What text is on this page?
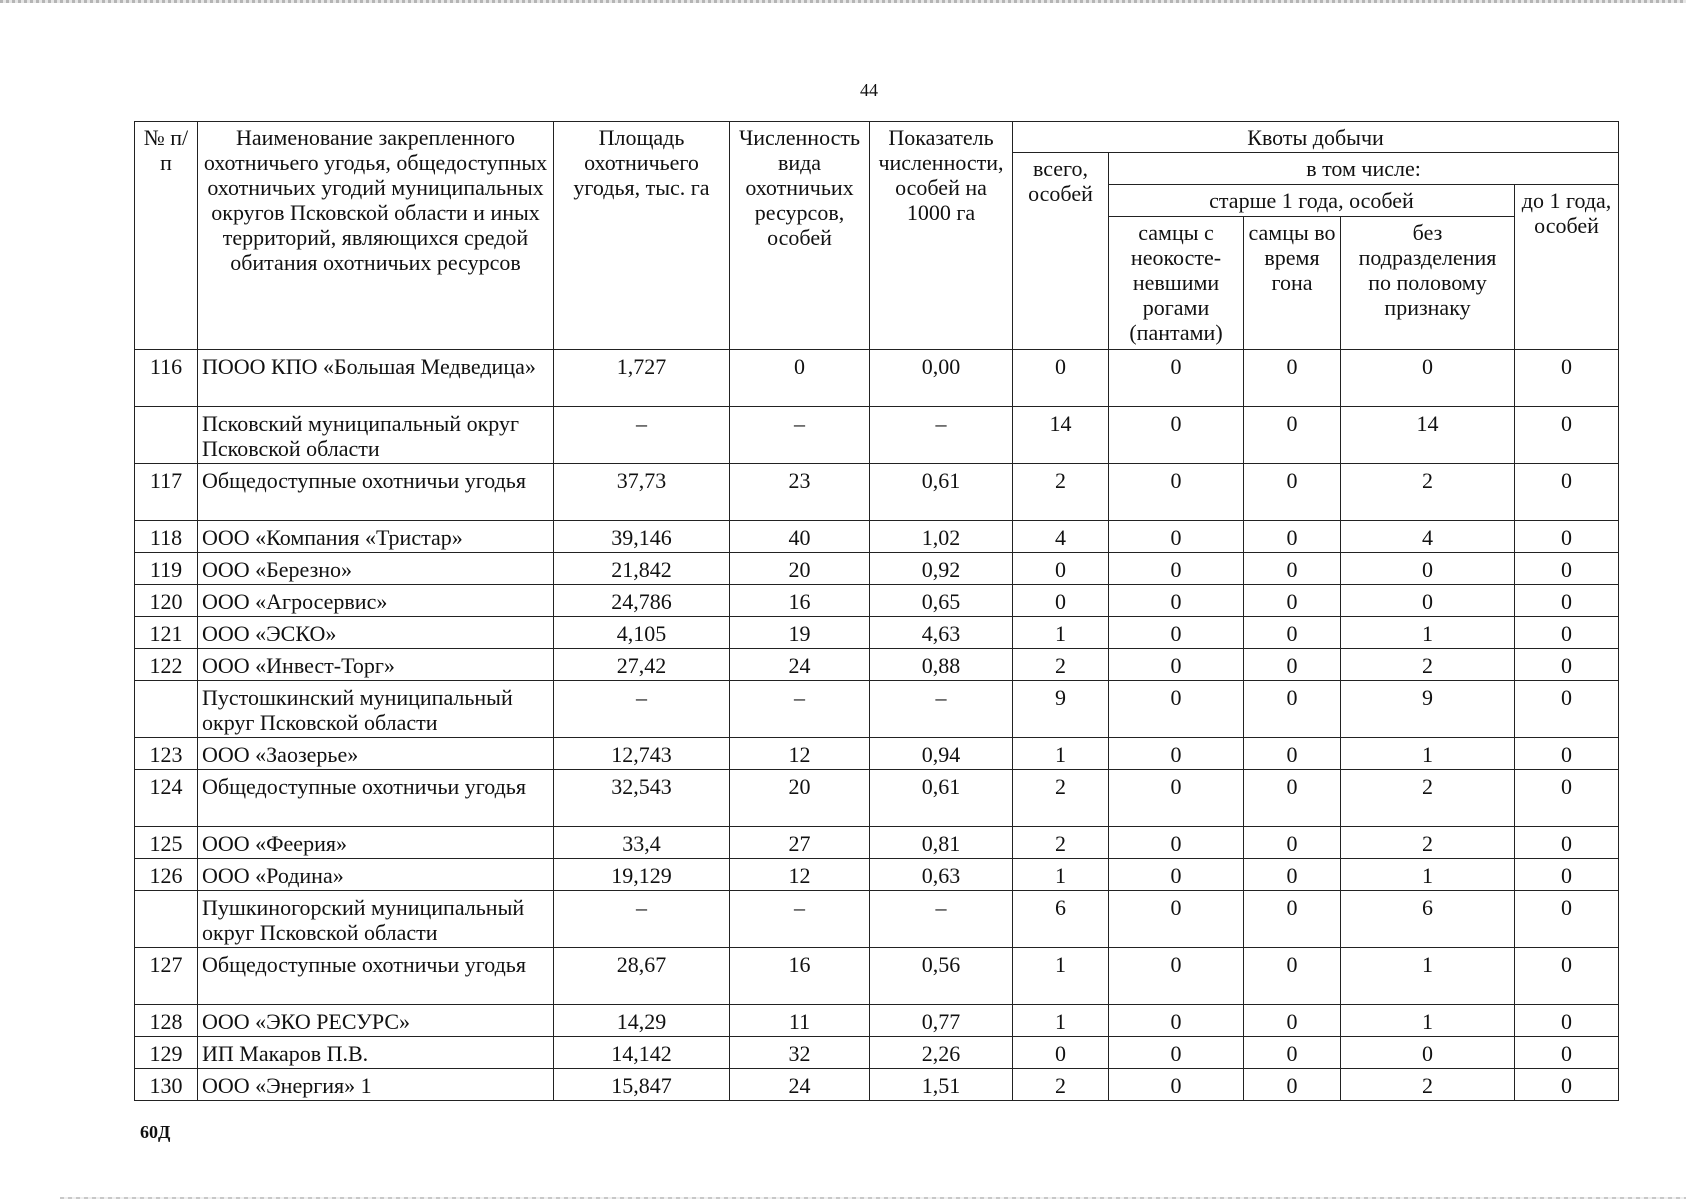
44
№ п/п	Наименование закрепленного охотничьего угодья, общедоступных охотничьих угодий муниципальных округов Псковской области и иных территорий, являющихся средой обитания охотничьих ресурсов	Площадь охотничьего угодья, тыс. га	Численность вида охотничьих ресурсов, особей	Показатель численности, особей на 1000 га	Квоты добычи				
					всего, особей	в том числе:			
						старше 1 года, особей			до 1 года, особей
						самцы с неокосте-невшими рогами (пантами)	самцы во время гона	без подразделения по половому признаку	
116	ПООО КПО «Большая Медведица»	1,727	0	0,00	0	0	0	0	0
	Псковский муниципальный округ Псковской области	–	–	–	14	0	0	14	0
117	Общедоступные охотничьи угодья	37,73	23	0,61	2	0	0	2	0
118	ООО «Компания «Тристар»	39,146	40	1,02	4	0	0	4	0
119	ООО «Березно»	21,842	20	0,92	0	0	0	0	0
120	ООО «Агросервис»	24,786	16	0,65	0	0	0	0	0
121	ООО «ЭСКО»	4,105	19	4,63	1	0	0	1	0
122	ООО «Инвест-Торг»	27,42	24	0,88	2	0	0	2	0
	Пустошкинский муниципальный округ Псковской области	–	–	–	9	0	0	9	0
123	ООО «Заозерье»	12,743	12	0,94	1	0	0	1	0
124	Общедоступные охотничьи угодья	32,543	20	0,61	2	0	0	2	0
125	ООО «Феерия»	33,4	27	0,81	2	0	0	2	0
126	ООО «Родина»	19,129	12	0,63	1	0	0	1	0
	Пушкиногорский муниципальный округ Псковской области	–	–	–	6	0	0	6	0
127	Общедоступные охотничьи угодья	28,67	16	0,56	1	0	0	1	0
128	ООО «ЭКО РЕСУРС»	14,29	11	0,77	1	0	0	1	0
129	ИП Макаров П.В.	14,142	32	2,26	0	0	0	0	0
130	ООО «Энергия» 1	15,847	24	1,51	2	0	0	2	0
60Д
